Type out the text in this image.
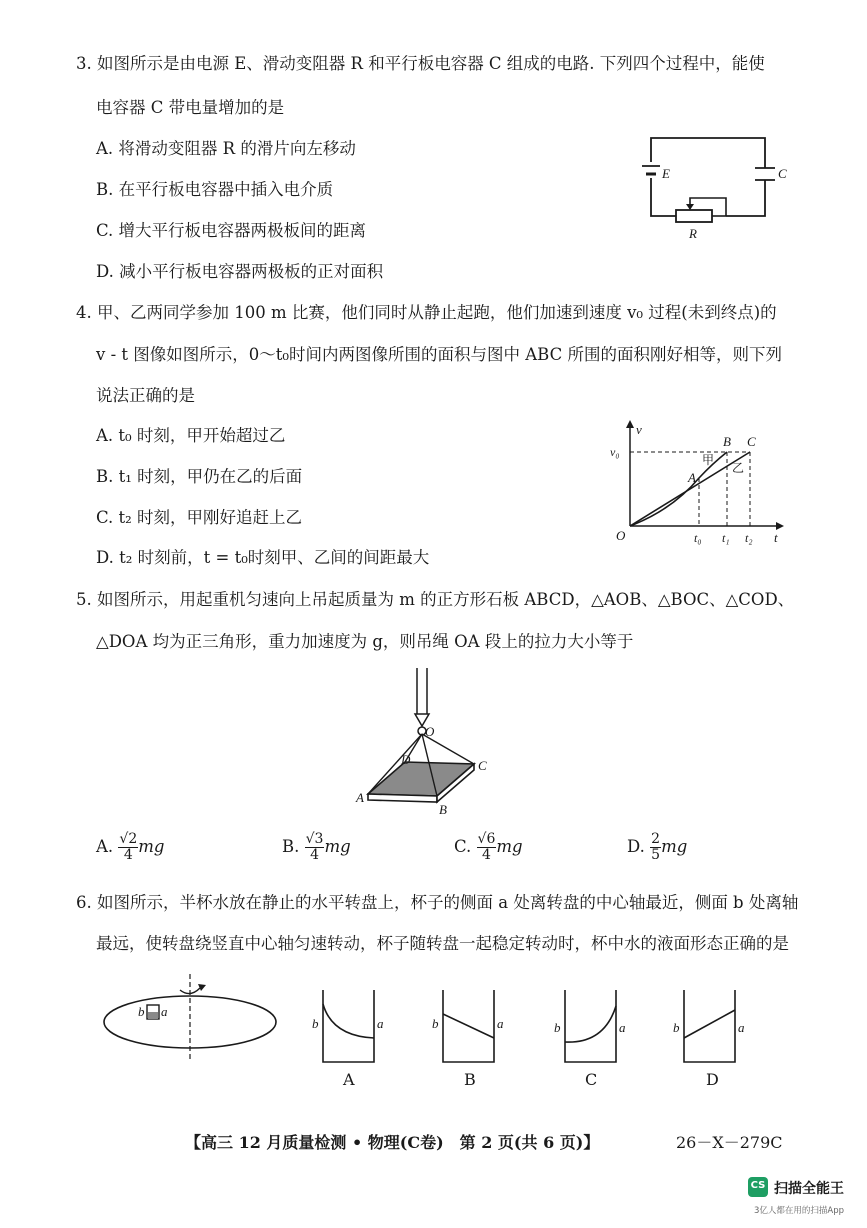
3. 如图所示是由电源 E、滑动变阻器 R 和平行板电容器 C 组成的电路. 下列四个过程中，能使
电容器 C 带电量增加的是
A. 将滑动变阻器 R 的滑片向左移动
B. 在平行板电容器中插入电介质
C. 增大平行板电容器两极板间的距离
D. 减小平行板电容器两极板的正对面积
E	C
R
4. 甲、乙两同学参加 100 m 比赛，他们同时从静止起跑，他们加速到速度 v₀ 过程(未到终点)的
v - t 图像如图所示，0～t₀时间内两图像所围的面积与图中 ABC 所围的面积刚好相等，则下列
说法正确的是
A. t₀ 时刻，甲开始超过乙
B. t₁ 时刻，甲仍在乙的后面
C. t₂ 时刻，甲刚好追赶上乙
D. t₂ 时刻前，t = t₀时刻甲、乙间的间距最大
v
t
O
v₀
t₀ t₁ t₂
A
B C
甲
乙
5. 如图所示，用起重机匀速向上吊起质量为 m 的正方形石板 ABCD，△AOB、△BOC、△COD、
△DOA 均为正三角形，重力加速度为 g，则吊绳 OA 段上的拉力大小等于
O
D	C
A
B
A. $\frac{√2}{4}$ mg	B. $\frac{√3}{4}$ mg	C. $\frac{√6}{4}$ mg	D. $\frac{2}{5}$ mg
6. 如图所示，半杯水放在静止的水平转盘上，杯子的侧面 a 处离转盘的中心轴最近，侧面 b 处离轴
最远，使转盘绕竖直中心轴匀速转动，杯子随转盘一起稳定转动时，杯中水的液面形态正确的是
b a
b	a	b	a	b	a	b	a
A	B	C	D
【高三 12 月质量检测 • 物理(C卷)　第 2 页(共 6 页)】	26－X－279C
CS 扫描全能王
3亿人都在用的扫描App
